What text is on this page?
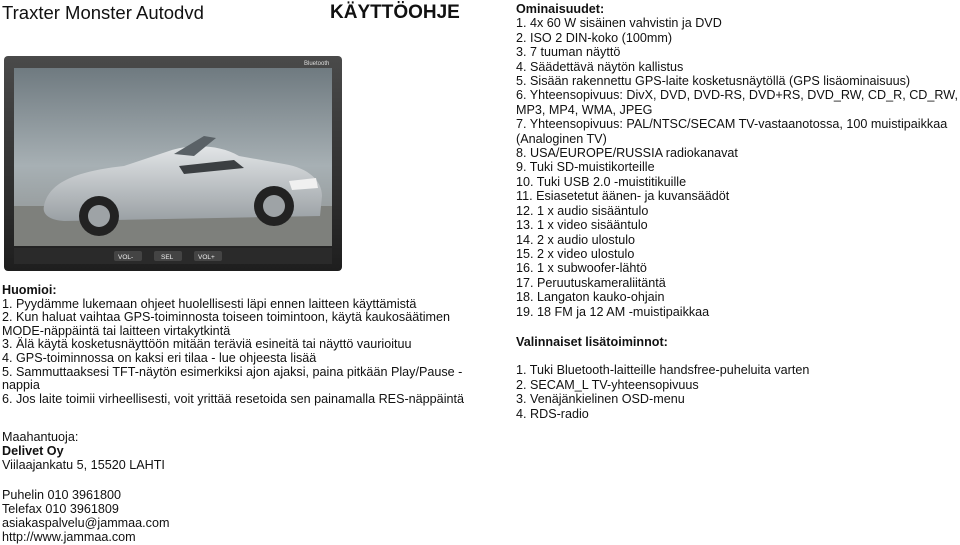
Traxter Monster Autodvd	KÄYTTÖOHJE
Bluetooth
VOL-	SEL	VOL+
Huomioi:
1. Pyydämme lukemaan ohjeet huolellisesti läpi ennen laitteen käyttämistä
2. Kun haluat vaihtaa GPS-toiminnosta toiseen toimintoon, käytä kaukosäätimen MODE-näppäintä tai laitteen virtakytkintä
3. Älä käytä kosketusnäyttöön mitään teräviä esineitä tai näyttö vaurioituu
4. GPS-toiminnossa on kaksi eri tilaa - lue ohjeesta lisää
5. Sammuttaaksesi TFT-näytön esimerkiksi ajon ajaksi, paina pitkään Play/Pause -nappia
6. Jos laite toimii virheellisesti, voit yrittää resetoida sen painamalla RES-näppäintä
Maahantuoja:
Delivet Oy
Viilaajankatu 5, 15520 LAHTI
Puhelin 010 3961800
Telefax 010 3961809
asiakaspalvelu@jammaa.com
http://www.jammaa.com
Ominaisuudet:
1. 4x 60 W sisäinen vahvistin ja DVD
2. ISO 2 DIN-koko (100mm)
3. 7 tuuman näyttö
4. Säädettävä näytön kallistus
5. Sisään rakennettu GPS-laite kosketusnäytöllä (GPS lisäominaisuus)
6. Yhteensopivuus: DivX, DVD, DVD-RS, DVD+RS, DVD_RW, CD_R, CD_RW, MP3, MP4, WMA, JPEG
7. Yhteensopivuus: PAL/NTSC/SECAM TV-vastaanotossa, 100 muistipaikkaa (Analoginen TV)
8. USA/EUROPE/RUSSIA radiokanavat
9. Tuki SD-muistikorteille
10. Tuki USB 2.0 -muistitikuille
11. Esiasetetut äänen- ja kuvansäädöt
12. 1 x audio sisääntulo
13. 1 x video sisääntulo
14. 2 x audio ulostulo
15. 2 x video ulostulo
16. 1 x subwoofer-lähtö
17. Peruutuskameraliitäntä
18. Langaton kauko-ohjain
19. 18 FM ja 12 AM -muistipaikkaa
Valinnaiset lisätoiminnot:
1. Tuki Bluetooth-laitteille handsfree-puheluita varten
2. SECAM_L TV-yhteensopivuus
3. Venäjänkielinen OSD-menu
4. RDS-radio
